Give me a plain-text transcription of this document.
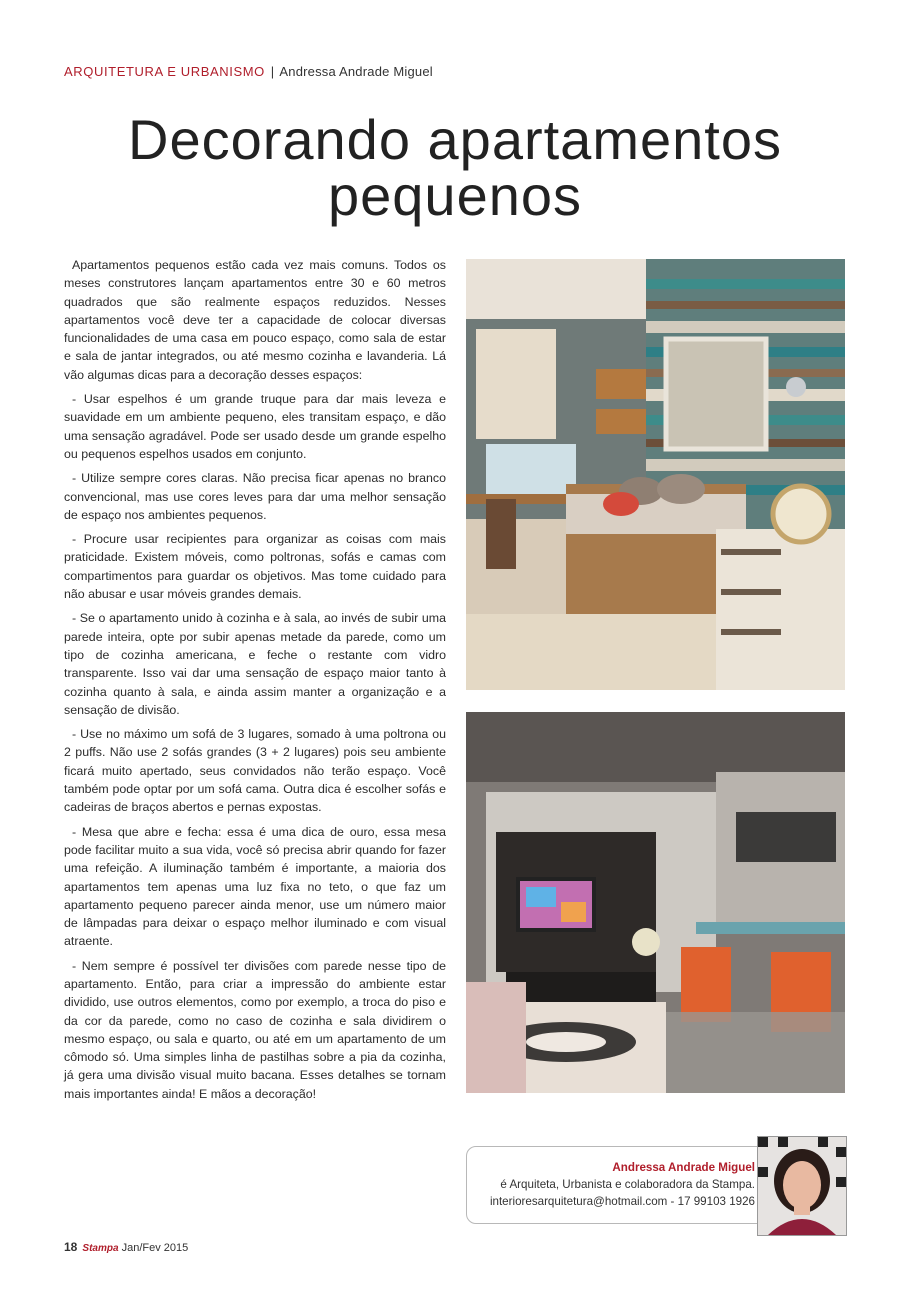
ARQUITETURA E URBANISMO | Andressa Andrade Miguel
Decorando apartamentos
pequenos

Apartamentos pequenos estão cada vez mais comuns. Todos os meses construtores lançam apartamentos entre 30 e 60 metros quadrados que são realmente espaços reduzidos. Nesses apartamentos você deve ter a capacidade de colocar diversas funcionalidades de uma casa em pouco espaço, como sala de estar e sala de jantar integrados, ou até mesmo cozinha e lavanderia. Lá vão algumas dicas para a decoração desses espaços:

- Usar espelhos é um grande truque para dar mais leveza e suavidade em um ambiente pequeno, eles transitam espaço, e dão uma sensação agradável. Pode ser usado desde um grande espelho ou pequenos espelhos usados em conjunto.

- Utilize sempre cores claras. Não precisa ficar apenas no branco convencional, mas use cores leves para dar uma melhor sensação de espaço nos ambientes pequenos.

- Procure usar recipientes para organizar as coisas com mais praticidade. Existem móveis, como poltronas, sofás e camas com compartimentos para guardar os objetivos. Mas tome cuidado para não abusar e usar móveis grandes demais.

- Se o apartamento unido à cozinha e à sala, ao invés de subir uma parede inteira, opte por subir apenas metade da parede, como um tipo de cozinha americana, e feche o restante com vidro transparente. Isso vai dar uma sensação de espaço maior tanto à cozinha quanto à sala, e ainda assim manter a organização e a sensação de divisão.

- Use no máximo um sofá de 3 lugares, somado à uma poltrona ou 2 puffs. Não use 2 sofás grandes (3 + 2 lugares) pois seu ambiente ficará muito apertado, seus convidados não terão espaço. Você também pode optar por um sofá cama. Outra dica é escolher sofás e cadeiras de braços abertos e pernas expostas.

- Mesa que abre e fecha: essa é uma dica de ouro, essa mesa pode facilitar muito a sua vida, você só precisa abrir quando for fazer uma refeição. A iluminação também é importante, a maioria dos apartamentos tem apenas uma luz fixa no teto, o que faz um apartamento pequeno parecer ainda menor, use um número maior de lâmpadas para deixar o espaço melhor iluminado e com visual atraente.

- Nem sempre é possível ter divisões com parede nesse tipo de apartamento. Então, para criar a impressão do ambiente estar dividido, use outros elementos, como por exemplo, a troca do piso e da cor da parede, como no caso de cozinha e sala dividirem o mesmo espaço, ou sala e quarto, ou até em um apartamento de um cômodo só. Uma simples linha de pastilhas sobre a pia da cozinha, já gera uma divisão visual muito bacana. Esses detalhes se tornam mais importantes ainda! E mãos a decoração!

Andressa Andrade Miguel
é Arquiteta, Urbanista e colaboradora da Stampa.
interioresarquitetura@hotmail.com - 17 99103 1926
18 Stampa Jan/Fev 2015
